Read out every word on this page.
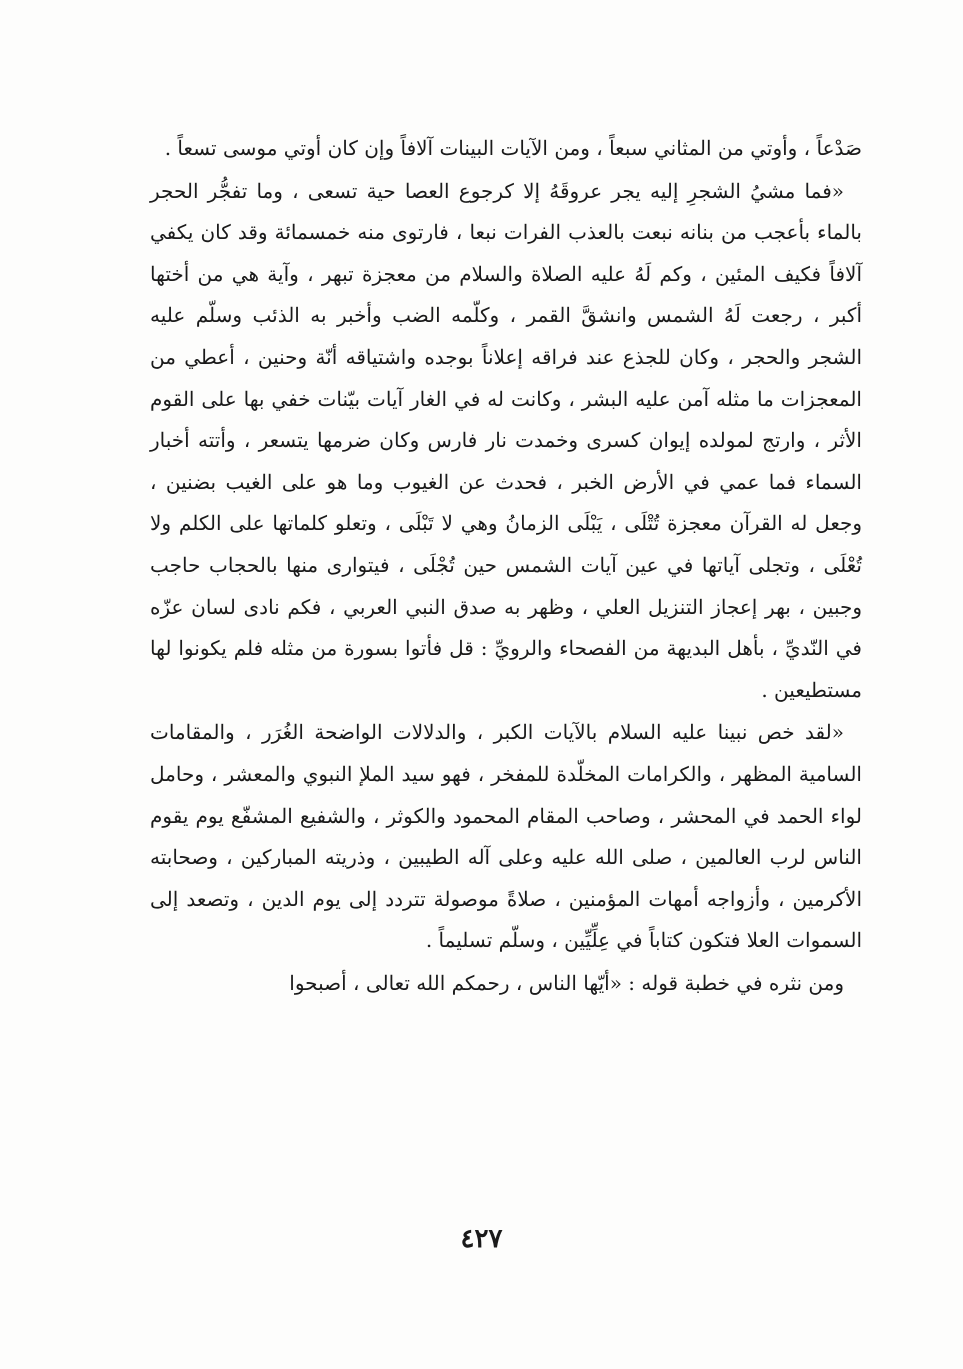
صَدْعاً ، وأوتي من المثاني سبعاً ، ومن الآيات البينات آلافاً وإن كان أوتي موسى تسعاً .

«فما مشيُ الشجرِ إليه يجر عروقَهُ إلا كرجوع العصا حية تسعى ، وما تفجُّر الحجر بالماء بأعجب من بنانه نبعت بالعذب الفرات نبعا ، فارتوى منه خمسمائة وقد كان يكفي آلافاً فكيف المئين ، وكم لَهُ عليه الصلاة والسلام من معجزة تبهر ، وآية هي من أختها أكبر ، رجعت لَهُ الشمس وانشقَّ القمر ، وكلّمه الضب وأخبر به الذئب وسلّم عليه الشجر والحجر ، وكان للجذع عند فراقه إعلاناً بوجده واشتياقه أنّة وحنين ، أعطي من المعجزات ما مثله آمن عليه البشر ، وكانت له في الغار آيات بيّنات خفي بها على القوم الأثر ، وارتج لمولده إيوان كسرى وخمدت نار فارس وكان ضرمها يتسعر ، وأتته أخبار السماء فما عمي في الأرض الخبر ، فحدث عن الغيوب وما هو على الغيب بضنين ، وجعل له القرآن معجزة تُتْلَى ، يَبْلَى الزمانُ وهي لا تَبْلَى ، وتعلو كلماتها على الكلم ولا تُعْلَى ، وتجلى آياتها في عين آيات الشمس حين تُجْلَى ، فيتوارى منها بالحجاب حاجب وجبين ، بهر إعجاز التنزيل العلي ، وظهر به صدق النبي العربي ، فكم نادى لسان عزّه في النّديِّ ، بأهل البديهة من الفصحاء والرويِّ : قل فأتوا بسورة من مثله فلم يكونوا لها مستطيعين .

«لقد خص نبينا عليه السلام بالآيات الكبر ، والدلالات الواضحة الغُرَر ، والمقامات السامية المظهر ، والكرامات المخلّدة للمفخر ، فهو سيد الملإ النبوي والمعشر ، وحامل لواء الحمد في المحشر ، وصاحب المقام المحمود والكوثر ، والشفيع المشفّع يوم يقوم الناس لرب العالمين ، صلى الله عليه وعلى آله الطيبين ، وذريته المباركين ، وصحابته الأكرمين ، وأزواجه أمهات المؤمنين ، صلاةً موصولة تتردد إلى يوم الدين ، وتصعد إلى السموات العلا فتكون كتاباً في عِلِّيِّين ، وسلّم تسليماً .

ومن نثره في خطبة قوله : «أيّها الناس ، رحمكم الله تعالى ، أصبحوا

٤٢٧
